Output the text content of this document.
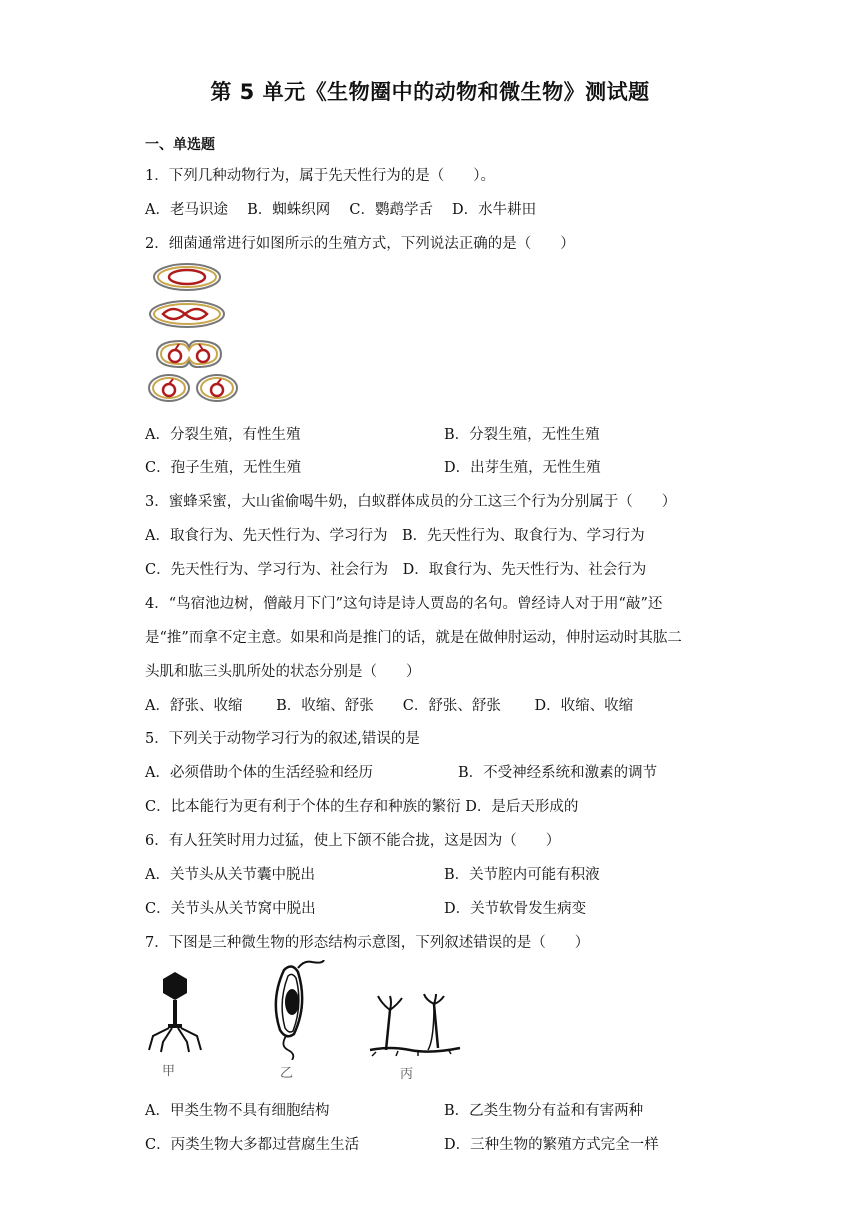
第 5 单元《生物圈中的动物和微生物》测试题
一、单选题
1．下列几种动物行为，属于先天性行为的是（　　）。
A．老马识途　 B．蜘蛛织网　 C．鹦鹉学舌　 D．水牛耕田
2．细菌通常进行如图所示的生殖方式，下列说法正确的是（　　）
A．分裂生殖，有性生殖	B．分裂生殖，无性生殖
C．孢子生殖，无性生殖	D．出芽生殖，无性生殖
3．蜜蜂采蜜，大山雀偷喝牛奶，白蚁群体成员的分工这三个行为分别属于（　　）
A．取食行为、先天性行为、学习行为　B．先天性行为、取食行为、学习行为
C．先天性行为、学习行为、社会行为　D．取食行为、先天性行为、社会行为
4．“鸟宿池边树，僧敲月下门”这句诗是诗人贾岛的名句。曾经诗人对于用“敲”还
是“推”而拿不定主意。如果和尚是推门的话，就是在做伸肘运动，伸肘运动时其肱二
头肌和肱三头肌所处的状态分别是（　　）
A．舒张、收缩　　 B．收缩、舒张　　C．舒张、舒张　　 D．收缩、收缩
5．下列关于动物学习行为的叙述,错误的是
A．必须借助个体的生活经验和经历	B．不受神经系统和激素的调节
C．比本能行为更有利于个体的生存和种族的繁衍 D．是后天形成的
6．有人狂笑时用力过猛，使上下颌不能合拢，这是因为（　　）
A．关节头从关节囊中脱出	B．关节腔内可能有积液
C．关节头从关节窝中脱出	D．关节软骨发生病变
7．下图是三种微生物的形态结构示意图，下列叙述错误的是（　　）
甲	乙	丙
A．甲类生物不具有细胞结构	B．乙类生物分有益和有害两种
C．丙类生物大多都过营腐生生活	D．三种生物的繁殖方式完全一样
